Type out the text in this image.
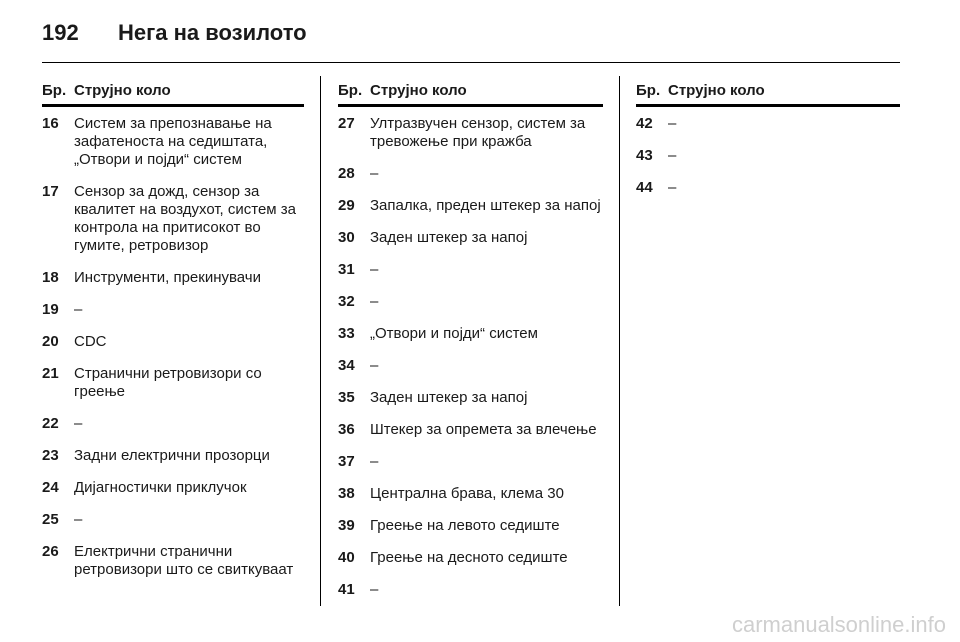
192 Нега на возилото
Бр. Струјно коло
16	Систем за препознавање на зафатеноста на седиштата, „Отвори и појди“ систем
17	Сензор за дожд, сензор за квалитет на воздухот, систем за контрола на притисокот во гумите, ретровизор
18	Инструменти, прекинувачи
19	–
20	CDC
21	Странични ретровизори со греење
22	–
23	Задни електрични прозорци
24	Дијагностички приклучок
25	–
26	Електрични странични ретровизори што се свиткуваат
Бр. Струјно коло
27	Ултразвучен сензор, систем за тревожење при кражба
28	–
29	Запалка, преден штекер за напој
30	Заден штекер за напој
31	–
32	–
33	„Отвори и појди“ систем
34	–
35	Заден штекер за напој
36	Штекер за опремета за влечење
37	–
38	Централна брава, клема 30
39	Греење на левото седиште
40	Греење на десното седиште
41	–
Бр. Струјно коло
42	–
43	–
44	–
carmanualsonline.info
